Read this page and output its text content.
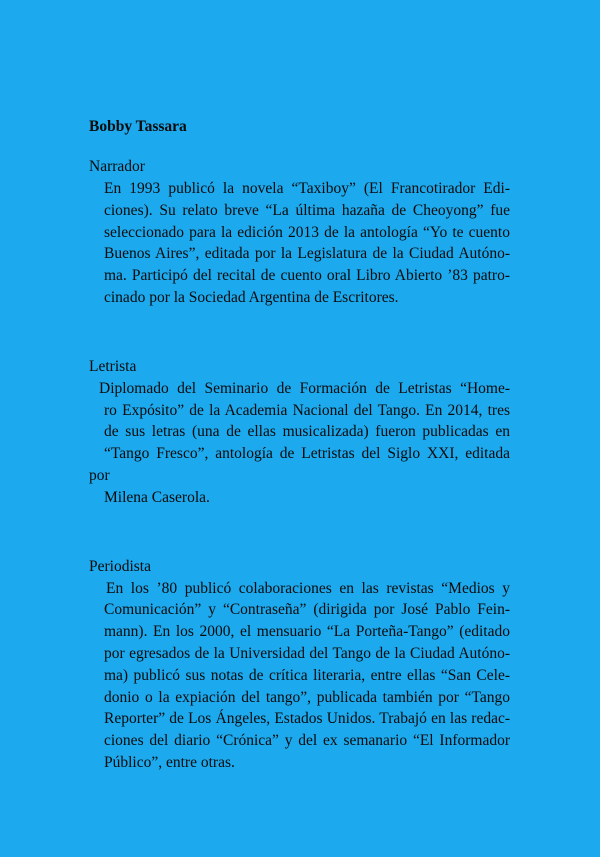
Bobby Tassara
Narrador
En 1993 publicó la novela “Taxiboy” (El Francotirador Edi-
ciones). Su relato breve “La última hazaña de Cheoyong” fue
seleccionado para la edición 2013 de la antología “Yo te cuento
Buenos Aires”, editada por la Legislatura de la Ciudad Autóno-
ma. Participó del recital de cuento oral Libro Abierto ’83 patro-
cinado por la Sociedad Argentina de Escritores.
Letrista
Diplomado del Seminario de Formación de Letristas “Home-
ro Expósito” de la Academia Nacional del Tango. En 2014, tres
de sus letras (una de ellas musicalizada) fueron publicadas en
“Tango Fresco”, antología de Letristas del Siglo XXI, editada por
Milena Caserola.
Periodista
En los ’80 publicó colaboraciones en las revistas “Medios y
Comunicación” y “Contraseña” (dirigida por José Pablo Fein-
mann). En los 2000, el mensuario “La Porteña-Tango” (editado
por egresados de la Universidad del Tango de la Ciudad Autóno-
ma) publicó sus notas de crítica literaria, entre ellas “San Cele-
donio o la expiación del tango”, publicada también por “Tango
Reporter” de Los Ángeles, Estados Unidos. Trabajó en las redac-
ciones del diario “Crónica” y del ex semanario “El Informador
Público”, entre otras.
